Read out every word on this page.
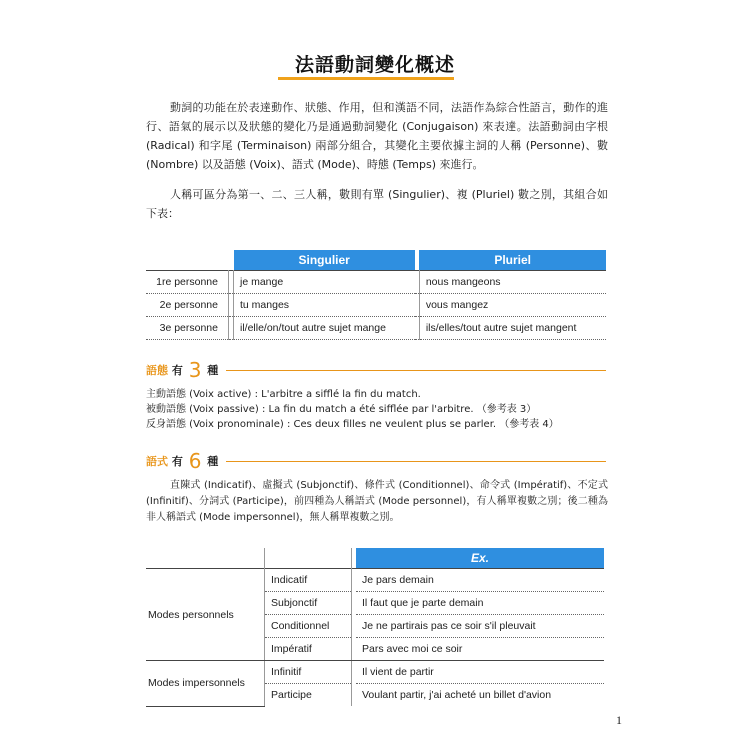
法語動詞變化概述
動詞的功能在於表達動作、狀態、作用，但和漢語不同，法語作為綜合性語言，動作的進行、語氣的展示以及狀態的變化乃是通過動詞變化 (Conjugaison) 來表達。法語動詞由字根 (Radical) 和字尾 (Terminaison) 兩部分組合，其變化主要依據主詞的人稱 (Personne)、數 (Nombre) 以及語態 (Voix)、語式 (Mode)、時態 (Temps) 來進行。
人稱可區分為第一、二、三人稱，數則有單 (Singulier)、複 (Pluriel) 數之別，其組合如下表：
		Singulier		Pluriel
1re personne		je mange		nous mangeons
2e personne		tu manges		vous mangez
3e personne		il/elle/on/tout autre sujet mange		ils/elles/tout autre sujet mangent
語態 有 3 種
主動語態 (Voix active) : L'arbitre a sifflé la fin du match.
被動語態 (Voix passive) : La fin du match a été sifflée par l'arbitre. （參考表 3）
反身語態 (Voix pronominale) : Ces deux filles ne veulent plus se parler. （參考表 4）
語式 有 6 種
直陳式 (Indicatif)、虛擬式 (Subjonctif)、條件式 (Conditionnel)、命令式 (Impératif)、不定式 (Infinitif)、分詞式 (Participe)，前四種為人稱語式 (Mode personnel)，有人稱單複數之別；後二種為非人稱語式 (Mode impersonnel)，無人稱單複數之別。
			Ex.
Modes personnels	Indicatif		Je pars demain
	Subjonctif		Il faut que je parte demain
	Conditionnel		Je ne partirais pas ce soir s'il pleuvait
	Impératif		Pars avec moi ce soir
Modes impersonnels	Infinitif		Il vient de partir
	Participe		Voulant partir, j'ai acheté un billet d'avion
1
